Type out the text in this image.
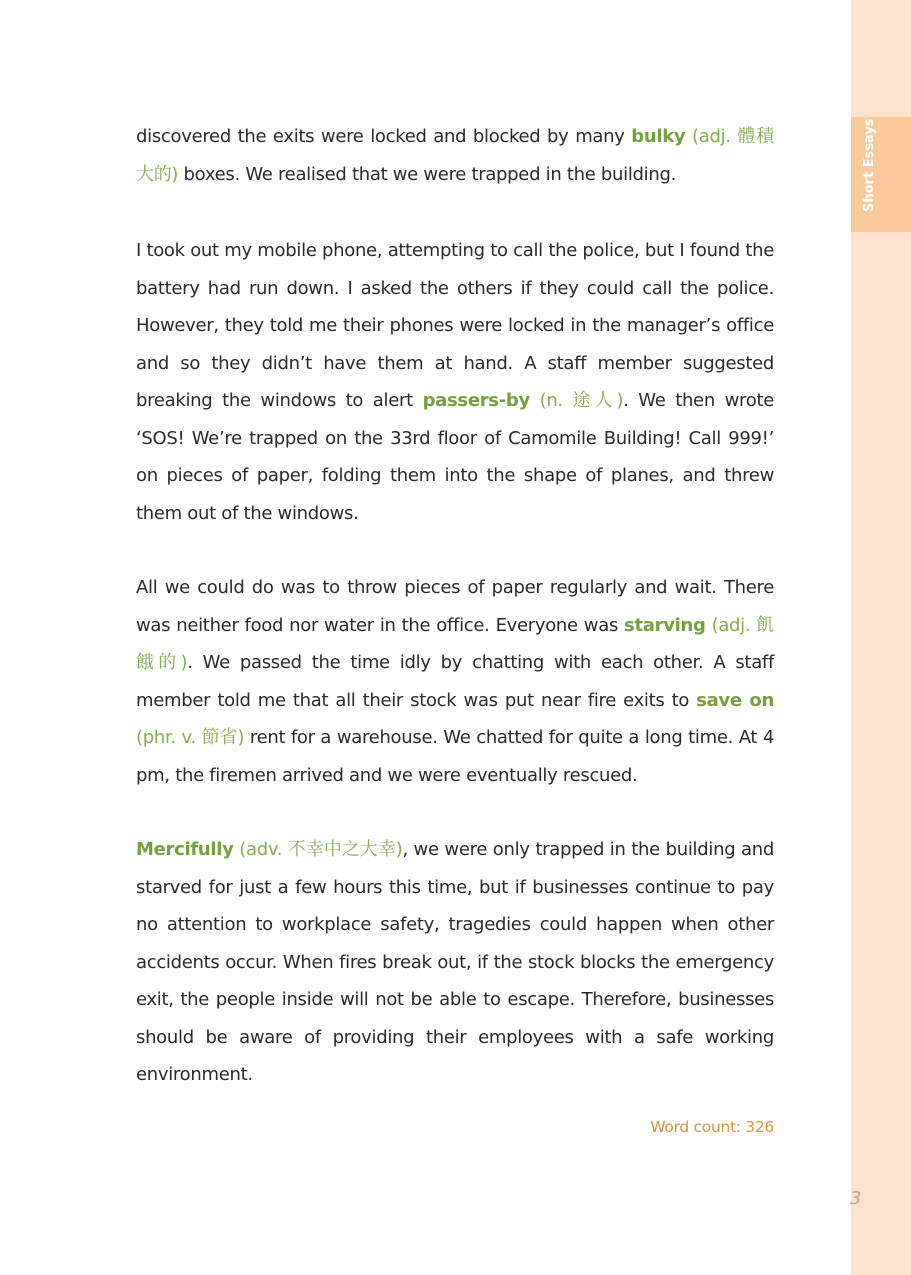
Short Essays
3

discovered the exits were locked and blocked by many bulky (adj. 體積大的) boxes. We realised that we were trapped in the building.

I took out my mobile phone, attempting to call the police, but I found the battery had run down. I asked the others if they could call the police. However, they told me their phones were locked in the manager’s office and so they didn’t have them at hand. A staff member suggested breaking the windows to alert passers-by (n. 途人). We then wrote ‘SOS! We’re trapped on the 33rd floor of Camomile Building! Call 999!’ on pieces of paper, folding them into the shape of planes, and threw them out of the windows.

All we could do was to throw pieces of paper regularly and wait. There was neither food nor water in the office. Everyone was starving (adj. 飢餓的). We passed the time idly by chatting with each other. A staff member told me that all their stock was put near fire exits to save on (phr. v. 節省) rent for a warehouse. We chatted for quite a long time. At 4 pm, the firemen arrived and we were eventually rescued.

Mercifully (adv. 不幸中之大幸), we were only trapped in the building and starved for just a few hours this time, but if businesses continue to pay no attention to workplace safety, tragedies could happen when other accidents occur. When fires break out, if the stock blocks the emergency exit, the people inside will not be able to escape. Therefore, businesses should be aware of providing their employees with a safe working environment.

Word count: 326
